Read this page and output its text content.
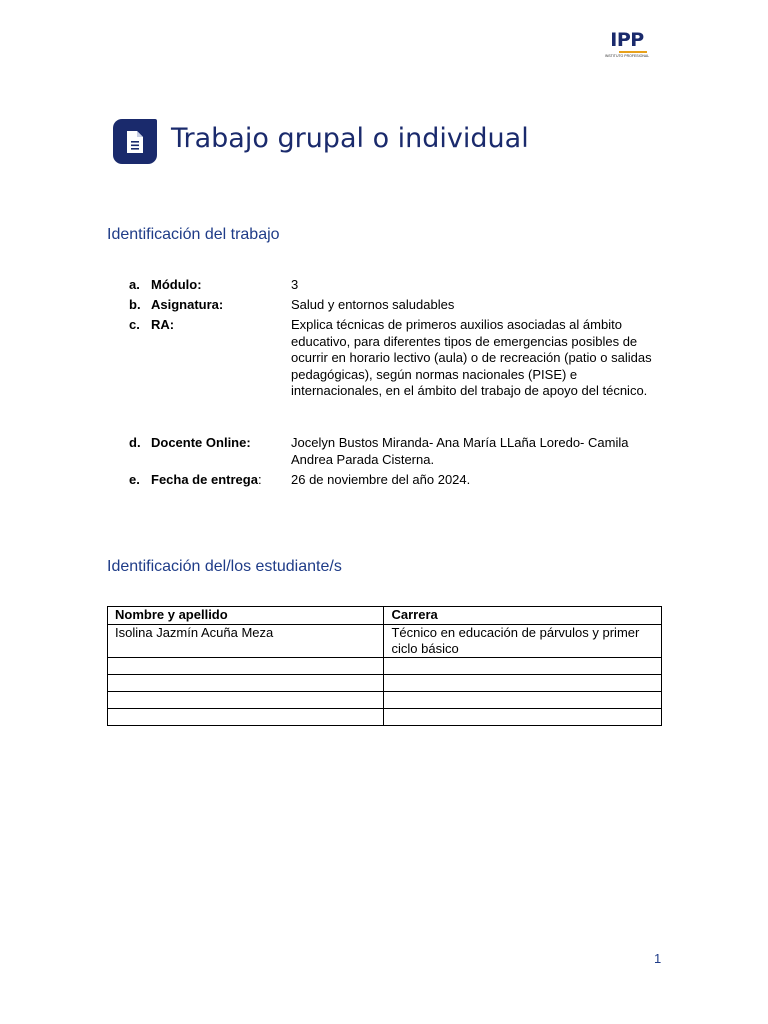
IPP
INSTITUTO PROFESIONAL
Trabajo grupal o individual
Identificación del trabajo
a. Módulo:	3
b. Asignatura:	Salud y entornos saludables
c. RA:	Explica técnicas de primeros auxilios asociadas al ámbito educativo, para diferentes tipos de emergencias posibles de ocurrir en horario lectivo (aula) o de recreación (patio o salidas pedagógicas), según normas nacionales (PISE) e internacionales, en el ámbito del trabajo de apoyo del técnico.
d. Docente Online:	Jocelyn Bustos Miranda- Ana María LLaña Loredo- Camila Andrea Parada Cisterna.
e. Fecha de entrega: 26 de noviembre del año 2024.
Identificación del/los estudiante/s
Nombre y apellido	Carrera
Isolina Jazmín Acuña Meza	Técnico en educación de párvulos y primer ciclo básico

1
